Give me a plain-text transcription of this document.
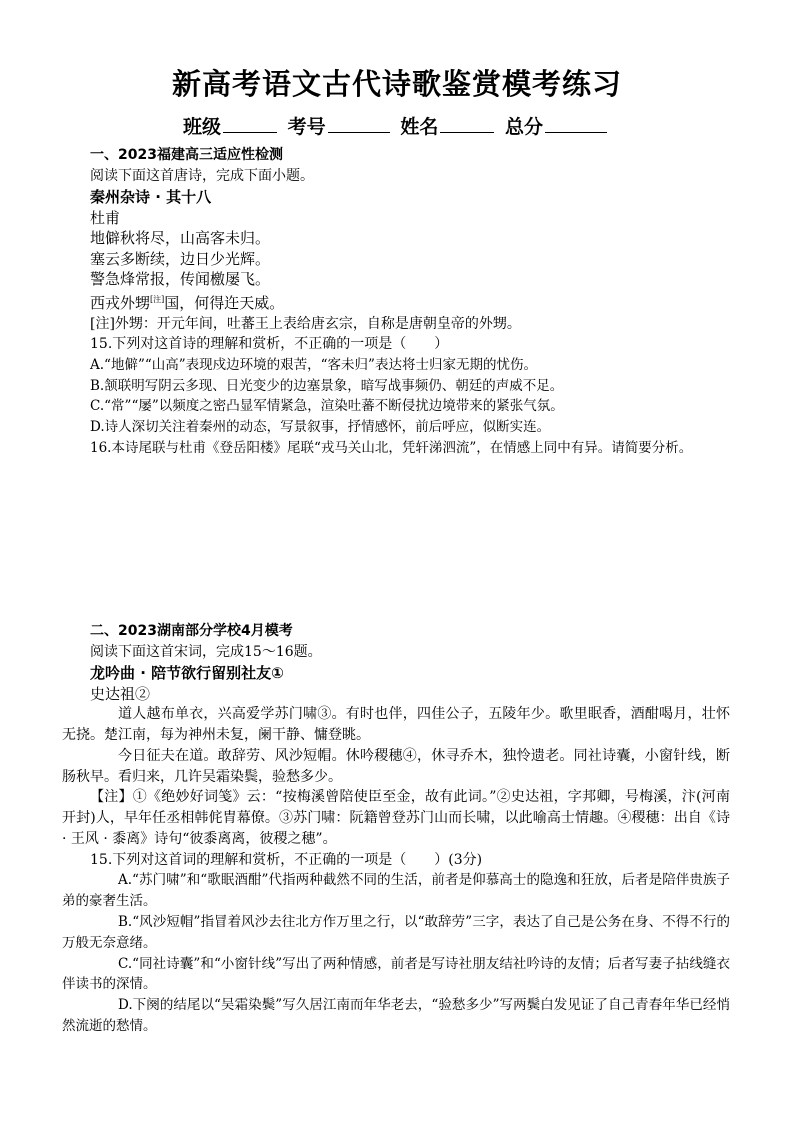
新高考语文古代诗歌鉴赏模考练习
班级	考号	姓名	总分
一、2023福建高三适应性检测
阅读下面这首唐诗，完成下面小题。
秦州杂诗 · 其十八
杜甫
地僻秋将尽，山高客未归。
塞云多断续，边日少光辉。
警急烽常报，传闻檄屡飞。
西戎外甥[注]国，何得迕天威。
[注]外甥：开元年间，吐蕃王上表给唐玄宗，自称是唐朝皇帝的外甥。
15.下列对这首诗的理解和赏析，不正确的一项是（　　）
A.“地僻”“山高”表现戍边环境的艰苦，“客未归”表达将士归家无期的忧伤。
B.颔联明写阴云多现、日光变少的边塞景象，暗写战事频仍、朝廷的声威不足。
C.“常”“屡”以频度之密凸显军情紧急，渲染吐蕃不断侵扰边境带来的紧张气氛。
D.诗人深切关注着秦州的动态，写景叙事，抒情感怀，前后呼应，似断实连。
16.本诗尾联与杜甫《登岳阳楼》尾联“戎马关山北，凭轩涕泗流”，在情感上同中有异。请简要分析。
二、2023湖南部分学校4月模考
阅读下面这首宋词，完成15～16题。
龙吟曲 · 陪节欲行留别社友①
史达祖②
道人越布单衣，兴高爱学苏门啸③。有时也伴，四佳公子，五陵年少。歌里眠香，酒酣喝月，壮怀无挠。楚江南，每为神州未复，阑干静、慵登眺。
今日征夫在道。敢辞劳、风沙短帽。休吟稷穗④，休寻乔木，独怜遗老。同社诗囊，小窗针线，断肠秋早。看归来，几许吴霜染鬓，验愁多少。
【注】①《绝妙好词笺》云：“按梅溪曾陪使臣至金，故有此词。”②史达祖，字邦卿，号梅溪，汴(河南开封)人，早年任丞相韩侂胄幕僚。③苏门啸：阮籍曾登苏门山而长啸，以此喻高士情趣。④稷穗：出自《诗 · 王风 · 黍离》诗句“彼黍离离，彼稷之穗”。
15.下列对这首词的理解和赏析，不正确的一项是（　　）(3分)
A.“苏门啸”和“歌眠酒酣”代指两种截然不同的生活，前者是仰慕高士的隐逸和狂放，后者是陪伴贵族子弟的豪奢生活。
B.“风沙短帽”指冒着风沙去往北方作万里之行，以“敢辞劳”三字，表达了自己是公务在身、不得不行的万般无奈意绪。
C.“同社诗囊”和“小窗针线”写出了两种情感，前者是写诗社朋友结社吟诗的友情；后者写妻子拈线缝衣伴读书的深情。
D.下阕的结尾以“吴霜染鬓”写久居江南而年华老去，“验愁多少”写两鬓白发见证了自己青春年华已经悄然流逝的愁情。
